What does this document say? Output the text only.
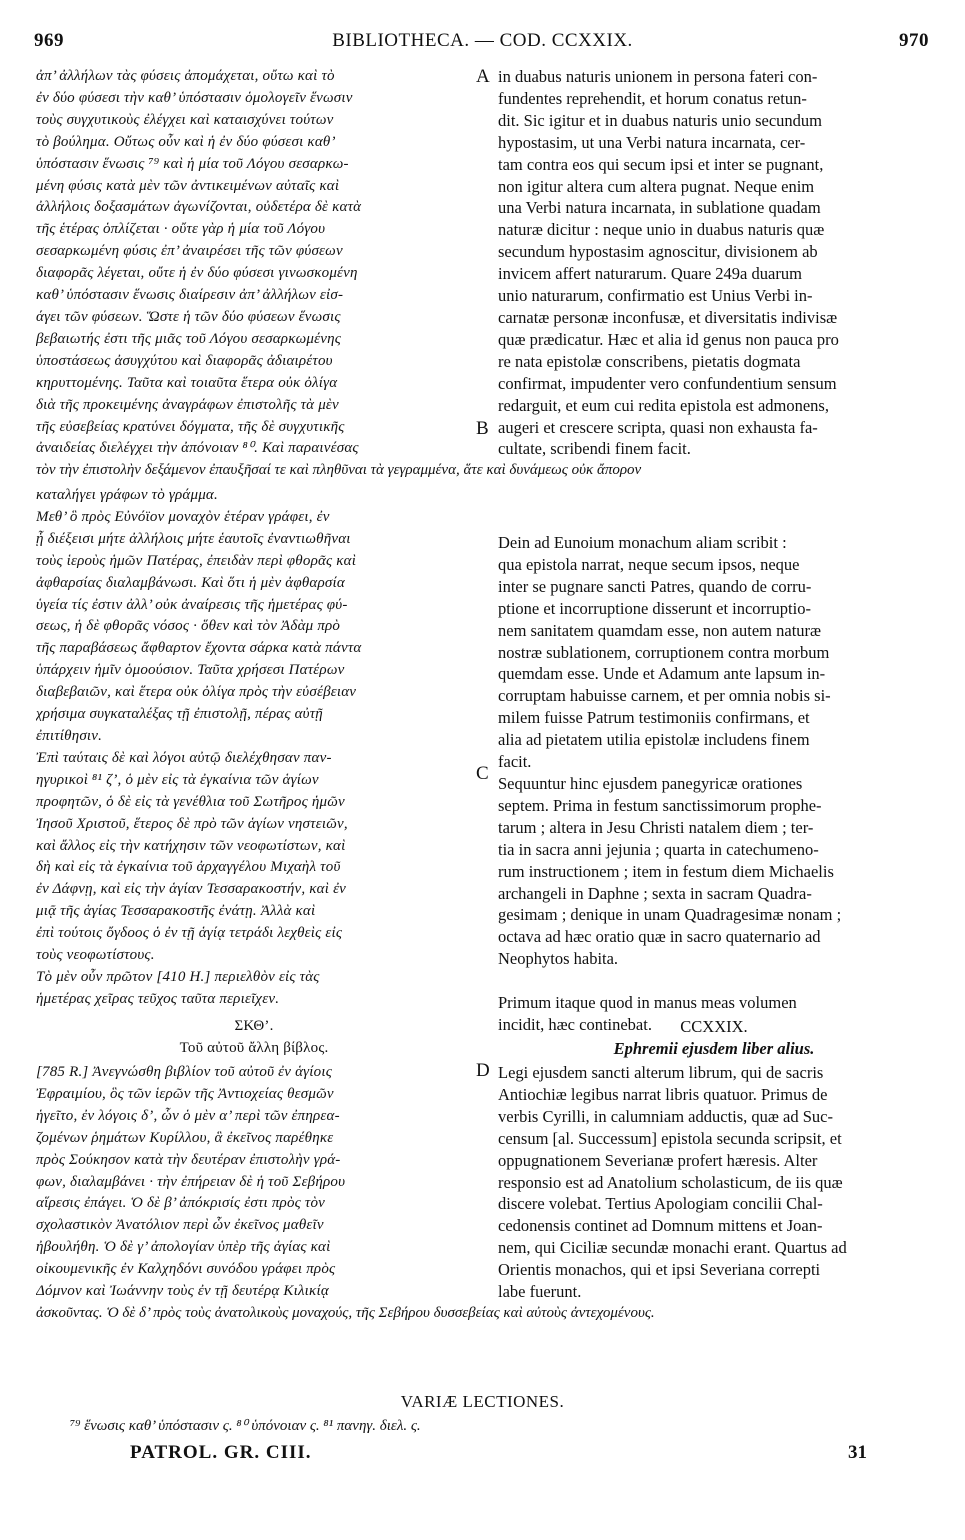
969	BIBLIOTHECA. — COD. CCXXIX.	970
ἀπ’ ἀλλήλων τὰς φύσεις ἀπομάχεται, οὔτω καὶ τὸ
ἐν δύο φύσεσι τὴν καθ’ ὑπόστασιν ὁμολογεῖν ἕνωσιν
τοὺς συγχυτικοὺς ἐλέγχει καὶ καταισχύνει τούτων
τὸ βούλημα. Οὔτως οὖν καὶ ἡ ἐν δύο φύσεσι καθ’
ὑπόστασιν ἕνωσις ⁷⁹ καὶ ἡ μία τοῦ Λόγου σεσαρκω-
μένη φύσις κατὰ μὲν τῶν ἀντικειμένων αὐταῖς καὶ
ἀλλήλοις δοξασμάτων ἀγωνίζονται, οὐδετέρα δὲ κατὰ
τῆς ἑτέρας ὁπλίζεται · οὔτε γὰρ ἡ μία τοῦ Λόγου
σεσαρκωμένη φύσις ἐπ’ ἀναιρέσει τῆς τῶν φύσεων
διαφορᾶς λέγεται, οὔτε ἡ ἐν δύο φύσεσι γινωσκομένη
καθ’ ὑπόστασιν ἕνωσις διαίρεσιν ἀπ’ ἀλλήλων εἰσ-
άγει τῶν φύσεων. Ὥστε ἡ τῶν δύο φύσεων ἕνωσις
βεβαιωτής ἐστι τῆς μιᾶς τοῦ Λόγου σεσαρκωμένης
ὑποστάσεως ἀσυγχύτου καὶ διαφορᾶς ἀδιαιρέτου
κηρυττομένης. Ταῦτα καὶ τοιαῦτα ἕτερα οὐκ ὀλίγα
διὰ τῆς προκειμένης ἀναγράφων ἐπιστολῆς τὰ μὲν
τῆς εὐσεβείας κρατύνει δόγματα, τῆς δὲ συγχυτικῆς
ἀναιδείας διελέγχει τὴν ἀπόνοιαν ⁸⁰. Καὶ παραινέσας
in duabus naturis unionem in persona fateri con-
fundentes reprehendit, et horum conatus retun-
dit. Sic igitur et in duabus naturis unio secundum
hypostasim, ut una Verbi natura incarnata, cer-
tam contra eos qui secum ipsi et inter se pugnant,
non igitur altera cum altera pugnat. Neque enim
una Verbi natura incarnata, in sublatione quadam
naturæ dicitur : neque unio in duabus naturis quæ
secundum hypostasim agnoscitur, divisionem ab
invicem affert naturarum. Quare 249a duarum
unio naturarum, confirmatio est Unius Verbi in-
carnatæ personæ inconfusæ, et diversitatis indivisæ
quæ prædicatur. Hæc et alia id genus non pauca pro
re nata epistolæ conscribens, pietatis dogmata
confirmat, impudenter vero confundentium sensum
redarguit, et eum cui redita epistola est admonens,
augeri et crescere scripta, quasi non exhausta fa-
cultate, scribendi finem facit.
A
B
τὸν τὴν ἐπιστολὴν δεξάμενον ἐπαυξῆσαί τε καὶ πληθῦναι τὰ γεγραμμένα, ἅτε καὶ δυνάμεως οὐκ ἄπορον
καταλήγει γράφων τὸ γράμμα.
Μεθ’ ὃ πρὸς Εὐνόϊον μοναχὸν ἑτέραν γράφει, ἐν
ᾗ διέξεισι μήτε ἀλλήλοις μήτε ἑαυτοῖς ἐναντιωθῆναι
τοὺς ἱεροὺς ἡμῶν Πατέρας, ἐπειδὰν περὶ φθορᾶς καὶ
ἀφθαρσίας διαλαμβάνωσι. Καὶ ὅτι ἡ μὲν ἀφθαρσία
ὑγεία τίς ἐστιν ἀλλ’ οὐκ ἀναίρεσις τῆς ἡμετέρας φύ-
σεως, ἡ δὲ φθορᾶς νόσος · ὅθεν καὶ τὸν Ἀδὰμ πρὸ
τῆς παραβάσεως ἄφθαρτον ἔχοντα σάρκα κατὰ πάντα
ὑπάρχειν ἡμῖν ὁμοούσιον. Ταῦτα χρήσεσι Πατέρων
διαβεβαιῶν, καὶ ἕτερα οὐκ ὀλίγα πρὸς τὴν εὐσέβειαν
χρήσιμα συγκαταλέξας τῇ ἐπιστολῇ, πέρας αὐτῇ
ἐπιτίθησιν.
Ἐπὶ ταύταις δὲ καὶ λόγοι αὐτῷ διελέχθησαν παν-
ηγυρικοὶ ⁸¹ ζ’, ὁ μὲν εἰς τὰ ἐγκαίνια τῶν ἁγίων
προφητῶν, ὁ δὲ εἰς τὰ γενέθλια τοῦ Σωτῆρος ἡμῶν
Ἰησοῦ Χριστοῦ, ἕτερος δὲ πρὸ τῶν ἁγίων νηστειῶν,
καὶ ἄλλος εἰς τὴν κατήχησιν τῶν νεοφωτίστων, καὶ
δὴ καὶ εἰς τὰ ἐγκαίνια τοῦ ἀρχαγγέλου Μιχαὴλ τοῦ
ἐν Δάφνῃ, καὶ εἰς τὴν ἁγίαν Τεσσαρακοστήν, καὶ ἐν
μιᾷ τῆς ἁγίας Τεσσαρακοστῆς ἐνάτῃ. Ἀλλὰ καὶ
ἐπὶ τούτοις ὄγδοος ὁ ἐν τῇ ἁγίᾳ τετράδι λεχθεὶς εἰς
τοὺς νεοφωτίστους.
Τὸ μὲν οὖν πρῶτον [410 H.] περιελθὸν εἰς τὰς
ἡμετέρας χεῖρας τεῦχος ταῦτα περιεῖχεν.
Dein ad Eunoium monachum aliam scribit :
qua epistola narrat, neque secum ipsos, neque
inter se pugnare sancti Patres, quando de corru-
ptione et incorruptione disserunt et incorruptio-
nem sanitatem quamdam esse, non autem naturæ
nostræ sublationem, corruptionem contra morbum
quemdam esse. Unde et Adamum ante lapsum in-
corruptam habuisse carnem, et per omnia nobis si-
milem fuisse Patrum testimoniis confirmans, et
alia ad pietatem utilia epistolæ includens finem
facit.
Sequuntur hinc ejusdem panegyricæ orationes
septem. Prima in festum sanctissimorum prophe-
tarum ; altera in Jesu Christi natalem diem ; ter-
tia in sacra anni jejunia ; quarta in catechumeno-
rum instructionem ; item in festum diem Michaelis
archangeli in Daphne ; sexta in sacram Quadra-
gesimam ; denique in unam Quadragesimæ nonam ;
octava ad hæc oratio quæ in sacro quaternario ad
Neophytos habita.

Primum itaque quod in manus meas volumen
incidit, hæc continebat.
C
ΣΚΘ’.
Τοῦ αὐτοῦ ἄλλη βίβλος.
CCXXIX.
Ephremii ejusdem liber alius.
D
[785 R.] Ἀνεγνώσθη βιβλίον τοῦ αὐτοῦ ἐν ἁγίοις
Ἐφραιμίου, ὃς τῶν ἱερῶν τῆς Ἀντιοχείας θεσμῶν
ἡγεῖτο, ἐν λόγοις δ’, ὧν ὁ μὲν α’ περὶ τῶν ἐπηρεα-
ζομένων ῥημάτων Κυρίλλου, ἃ ἐκεῖνος παρέθηκε
πρὸς Σούκησον κατὰ τὴν δευτέραν ἐπιστολὴν γρά-
φων, διαλαμβάνει · τὴν ἐπήρειαν δὲ ἡ τοῦ Σεβήρου
αἵρεσις ἐπάγει. Ὁ δὲ β’ ἀπόκρισίς ἐστι πρὸς τὸν
σχολαστικὸν Ἀνατόλιον περὶ ὧν ἐκεῖνος μαθεῖν
ἠβουλήθη. Ὁ δὲ γ’ ἀπολογίαν ὑπὲρ τῆς ἁγίας καὶ
οἰκουμενικῆς ἐν Καλχηδόνι συνόδου γράφει πρὸς
Δόμνον καὶ Ἰωάννην τοὺς ἐν τῇ δευτέρᾳ Κιλικίᾳ
Legi ejusdem sancti alterum librum, qui de sacris
Antiochiæ legibus narrat libris quatuor. Primus de
verbis Cyrilli, in calumniam adductis, quæ ad Suc-
censum [al. Successum] epistola secunda scripsit, et
oppugnationem Severianæ profert hæresis. Alter
responsio est ad Anatolium scholasticum, de iis quæ
discere volebat. Tertius Apologiam concilii Chal-
cedonensis continet ad Domnum mittens et Joan-
nem, qui Ciciliæ secundæ monachi erant. Quartus ad
Orientis monachos, qui et ipsi Severiana correpti
labe fuerunt.
ἀσκοῦντας. Ὁ δὲ δ’ πρὸς τοὺς ἀνατολικοὺς μοναχούς, τῆς Σεβήρου δυσσεβείας καὶ αὐτοὺς ἀντεχομένους.
VARIÆ LECTIONES.
⁷⁹ ἕνωσις καθ’ ὑπόστασιν ς. ⁸⁰ ὑπόνοιαν ς. ⁸¹ πανηγ. διελ. ς.
PATROL. GR. CIII.	31
